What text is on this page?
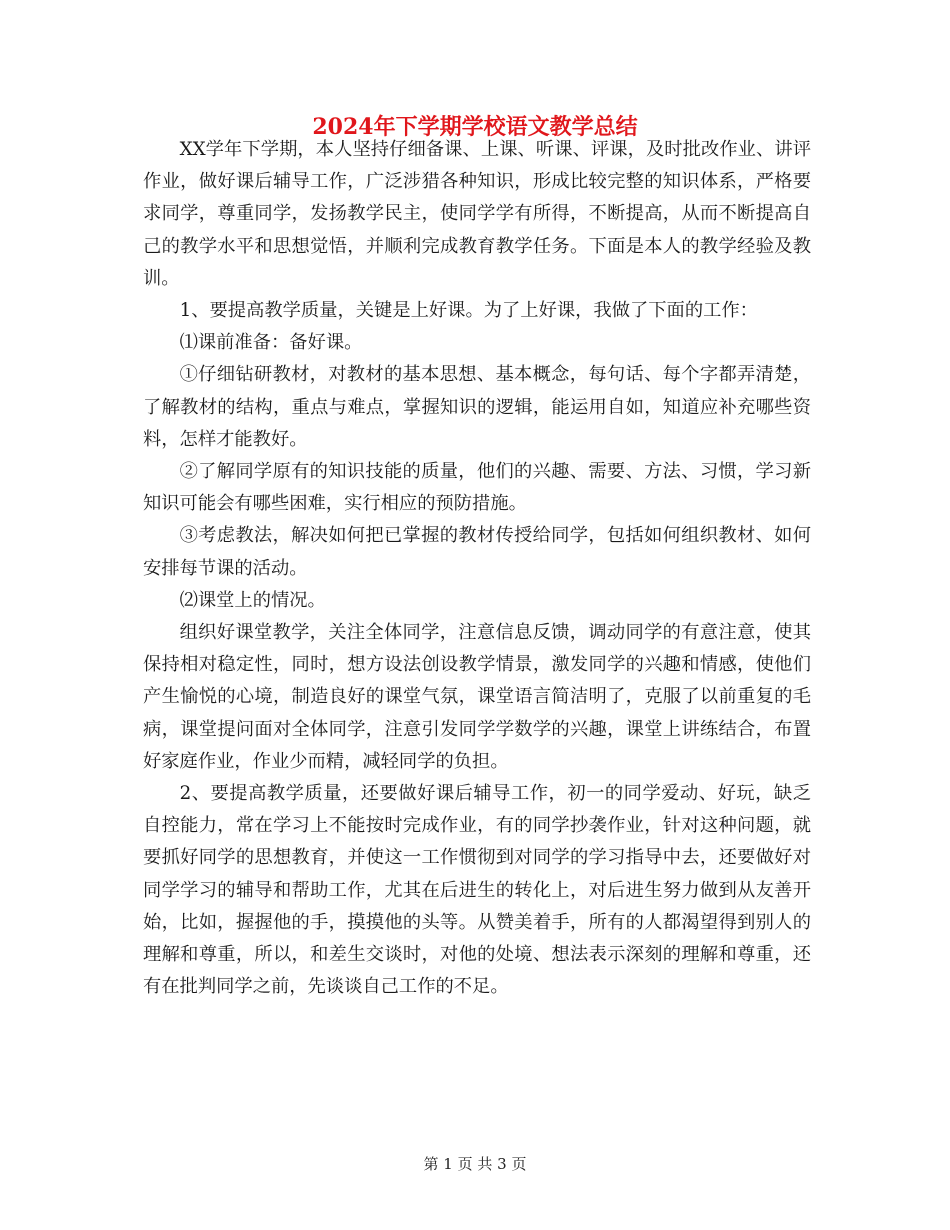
2024年下学期学校语文教学总结

XX学年下学期，本人坚持仔细备课、上课、听课、评课，及时批改作业、讲评作业，做好课后辅导工作，广泛涉猎各种知识，形成比较完整的知识体系，严格要求同学，尊重同学，发扬教学民主，使同学学有所得，不断提高，从而不断提高自己的教学水平和思想觉悟，并顺利完成教育教学任务。下面是本人的教学经验及教训。

1、要提高教学质量，关键是上好课。为了上好课，我做了下面的工作：

⑴课前准备：备好课。

①仔细钻研教材，对教材的基本思想、基本概念，每句话、每个字都弄清楚，了解教材的结构，重点与难点，掌握知识的逻辑，能运用自如，知道应补充哪些资料，怎样才能教好。

②了解同学原有的知识技能的质量，他们的兴趣、需要、方法、习惯，学习新知识可能会有哪些困难，实行相应的预防措施。

③考虑教法，解决如何把已掌握的教材传授给同学，包括如何组织教材、如何安排每节课的活动。

⑵课堂上的情况。

组织好课堂教学，关注全体同学，注意信息反馈，调动同学的有意注意，使其保持相对稳定性，同时，想方设法创设教学情景，激发同学的兴趣和情感，使他们产生愉悦的心境，制造良好的课堂气氛，课堂语言简洁明了，克服了以前重复的毛病，课堂提问面对全体同学，注意引发同学学数学的兴趣，课堂上讲练结合，布置好家庭作业，作业少而精，减轻同学的负担。

2、要提高教学质量，还要做好课后辅导工作，初一的同学爱动、好玩，缺乏自控能力，常在学习上不能按时完成作业，有的同学抄袭作业，针对这种问题，就要抓好同学的思想教育，并使这一工作惯彻到对同学的学习指导中去，还要做好对同学学习的辅导和帮助工作，尤其在后进生的转化上，对后进生努力做到从友善开始，比如，握握他的手，摸摸他的头等。从赞美着手，所有的人都渴望得到别人的理解和尊重，所以，和差生交谈时，对他的处境、想法表示深刻的理解和尊重，还有在批判同学之前，先谈谈自己工作的不足。

第 1 页 共 3 页
